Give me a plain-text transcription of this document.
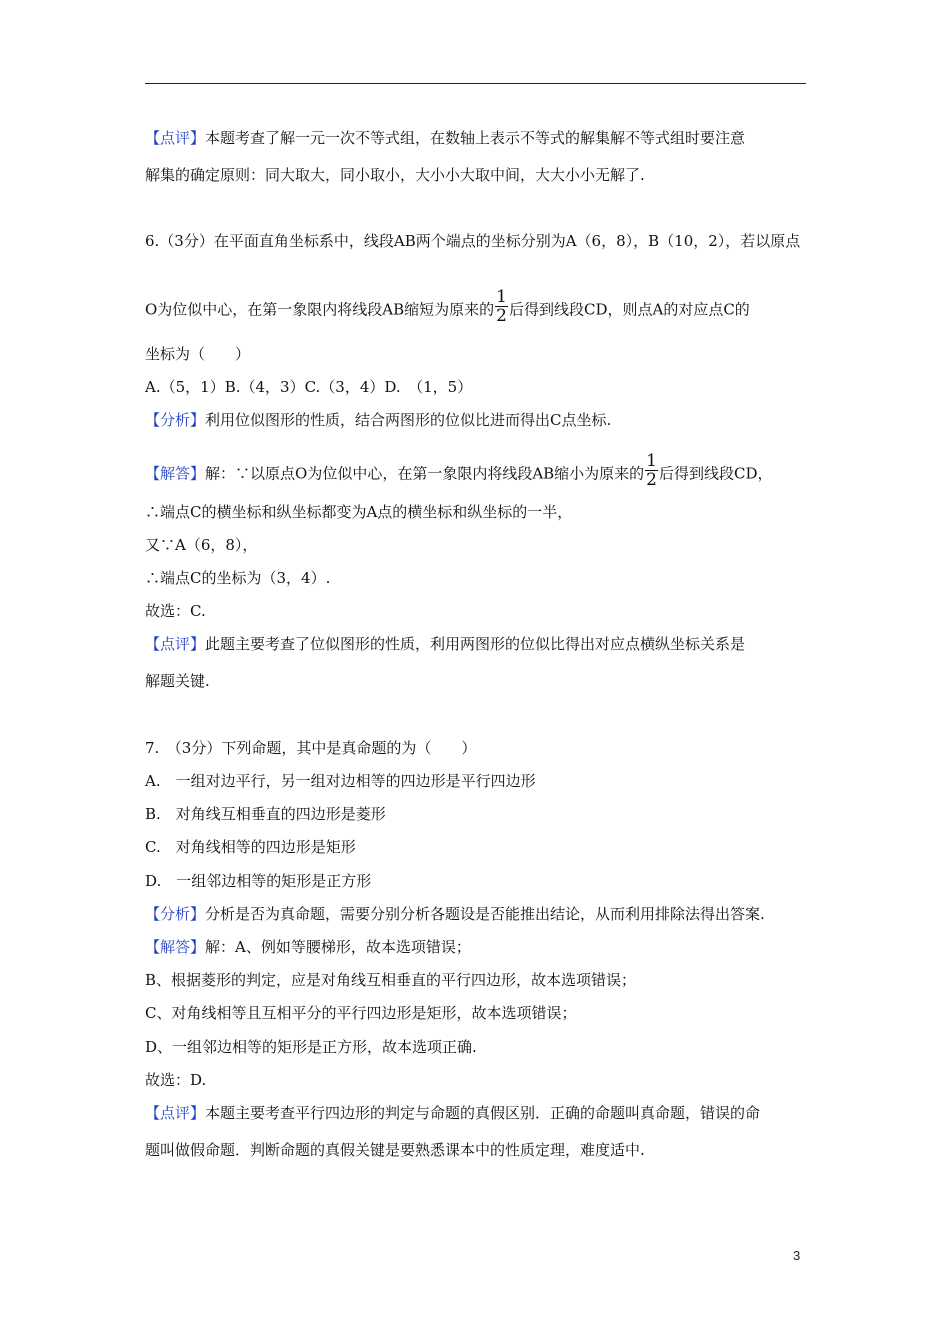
【点评】本题考查了解一元一次不等式组，在数轴上表示不等式的解集解不等式组时要注意
解集的确定原则：同大取大，同小取小，大小小大取中间，大大小小无解了.
6.（3分）在平面直角坐标系中，线段AB两个端点的坐标分别为A（6，8），B（10，2），若以原点
O为位似中心，在第一象限内将线段AB缩短为原来的 $\frac{1}{2}$ 后得到线段CD，则点A的对应点C的
坐标为（　　）
A.（5，1）B.（4，3）C.（3，4）D.　（1，5）
【分析】利用位似图形的性质，结合两图形的位似比进而得出C点坐标.
【解答】解：∵以原点O为位似中心，在第一象限内将线段AB缩小为原来的 $\frac{1}{2}$ 后得到线段CD，
∴端点C的横坐标和纵坐标都变为A点的横坐标和纵坐标的一半，
又∵A（6，8），
∴端点C的坐标为（3，4）.
故选：C.
【点评】此题主要考查了位似图形的性质，利用两图形的位似比得出对应点横纵坐标关系是
解题关键.
7.　（3分）下列命题，其中是真命题的为（　　）
A.　一组对边平行，另一组对边相等的四边形是平行四边形
B.　对角线互相垂直的四边形是菱形
C.　对角线相等的四边形是矩形
D.　一组邻边相等的矩形是正方形
【分析】分析是否为真命题，需要分别分析各题设是否能推出结论，从而利用排除法得出答案.
【解答】解：A、例如等腰梯形，故本选项错误；
B、根据菱形的判定，应是对角线互相垂直的平行四边形，故本选项错误；
C、对角线相等且互相平分的平行四边形是矩形，故本选项错误；
D、一组邻边相等的矩形是正方形，故本选项正确.
故选：D.
【点评】本题主要考查平行四边形的判定与命题的真假区别．正确的命题叫真命题，错误的命
题叫做假命题．判断命题的真假关键是要熟悉课本中的性质定理，难度适中.
3
